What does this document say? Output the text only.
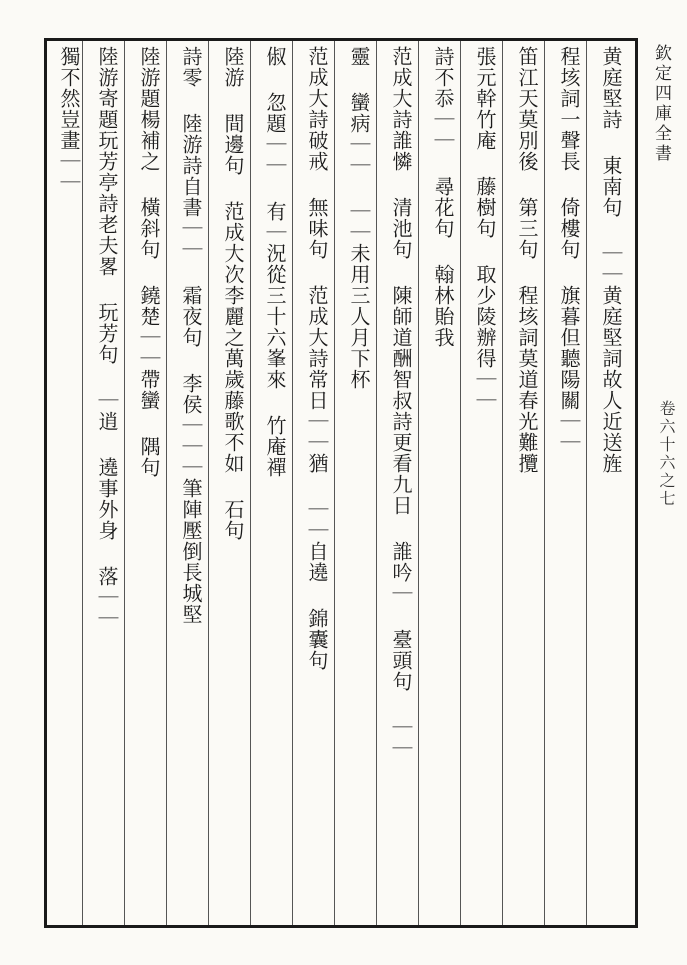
欽定四庫全書
卷六十六之七
黄庭堅詩 東南句 ｜｜黄庭堅詞故人近送旌
程垓詞一聲長 倚樓句 旗暮但聽陽關｜｜
笛江天莫別後 第三句 程垓詞莫道春光難攬
張元幹竹庵 藤樹句 取少陵辦得｜｜
詩不忝｜｜ 尋花句 翰林貽我
范成大詩誰憐 清池句 陳師道酬智叔詩更看九日 誰吟｜ 臺頭句 ｜｜
靈 蠻病｜｜ ｜｜未用三人月下杯
范成大詩破戒 無味句 范成大詩常日｜｜猶 ｜｜自遶 錦囊句
俶 忽題｜｜ 有｜況從三十六峯來 竹庵禪
陸游 間邊句 范成大次李麗之萬歲藤歌不如 石句
詩零 陸游詩自書｜｜ 霜夜句 李侯｜｜｜筆陣壓倒長城堅
陸游題楊補之 橫斜句 鐃楚｜｜帶蠻 隅句
陸游寄題玩芳亭詩老夫畧 玩芳句 ｜逍 遶事外身 落｜｜
獨不然豈畫｜｜
